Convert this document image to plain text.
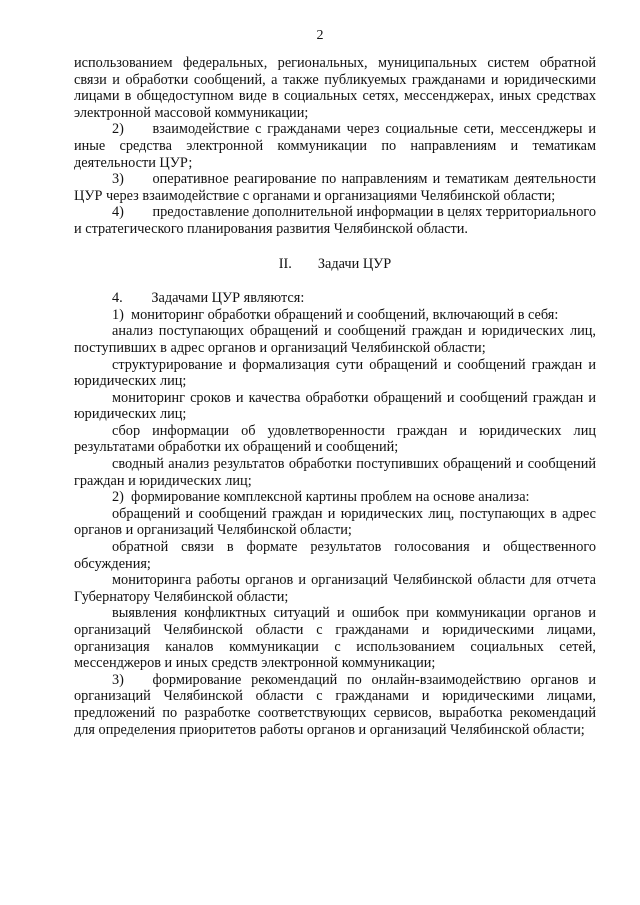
2

использованием федеральных, региональных, муниципальных систем обратной связи и обработки сообщений, а также публикуемых гражданами и юридическими лицами в общедоступном виде в социальных сетях, мессенджерах, иных средствах электронной массовой коммуникации;

2)  взаимодействие с гражданами через социальные сети, мессенджеры и иные средства электронной коммуникации по направлениям и тематикам деятельности ЦУР;

3)  оперативное реагирование по направлениям и тематикам деятельности ЦУР через взаимодействие с органами и организациями Челябинской области;

4)  предоставление дополнительной информации в целях территориального и стратегического планирования развития Челябинской области.

II. Задачи ЦУР

4.  Задачами ЦУР являются:

1) мониторинг обработки обращений и сообщений, включающий в себя:

анализ поступающих обращений и сообщений граждан и юридических лиц, поступивших в адрес органов и организаций Челябинской области;

структурирование и формализация сути обращений и сообщений граждан и юридических лиц;

мониторинг сроков и качества обработки обращений и сообщений граждан и юридических лиц;

сбор информации об удовлетворенности граждан и юридических лиц результатами обработки их обращений и сообщений;

сводный анализ результатов обработки поступивших обращений и сообщений граждан и юридических лиц;

2) формирование комплексной картины проблем на основе анализа:

обращений и сообщений граждан и юридических лиц, поступающих в адрес органов и организаций Челябинской области;

обратной связи в формате результатов голосования и общественного обсуждения;

мониторинга работы органов и организаций Челябинской области для отчета Губернатору Челябинской области;

выявления конфликтных ситуаций и ошибок при коммуникации органов и организаций Челябинской области с гражданами и юридическими лицами, организация каналов коммуникации с использованием социальных сетей, мессенджеров и иных средств электронной коммуникации;

3)  формирование рекомендаций по онлайн-взаимодействию органов и организаций Челябинской области с гражданами и юридическими лицами, предложений по разработке соответствующих сервисов, выработка рекомендаций для определения приоритетов работы органов и организаций Челябинской области;
